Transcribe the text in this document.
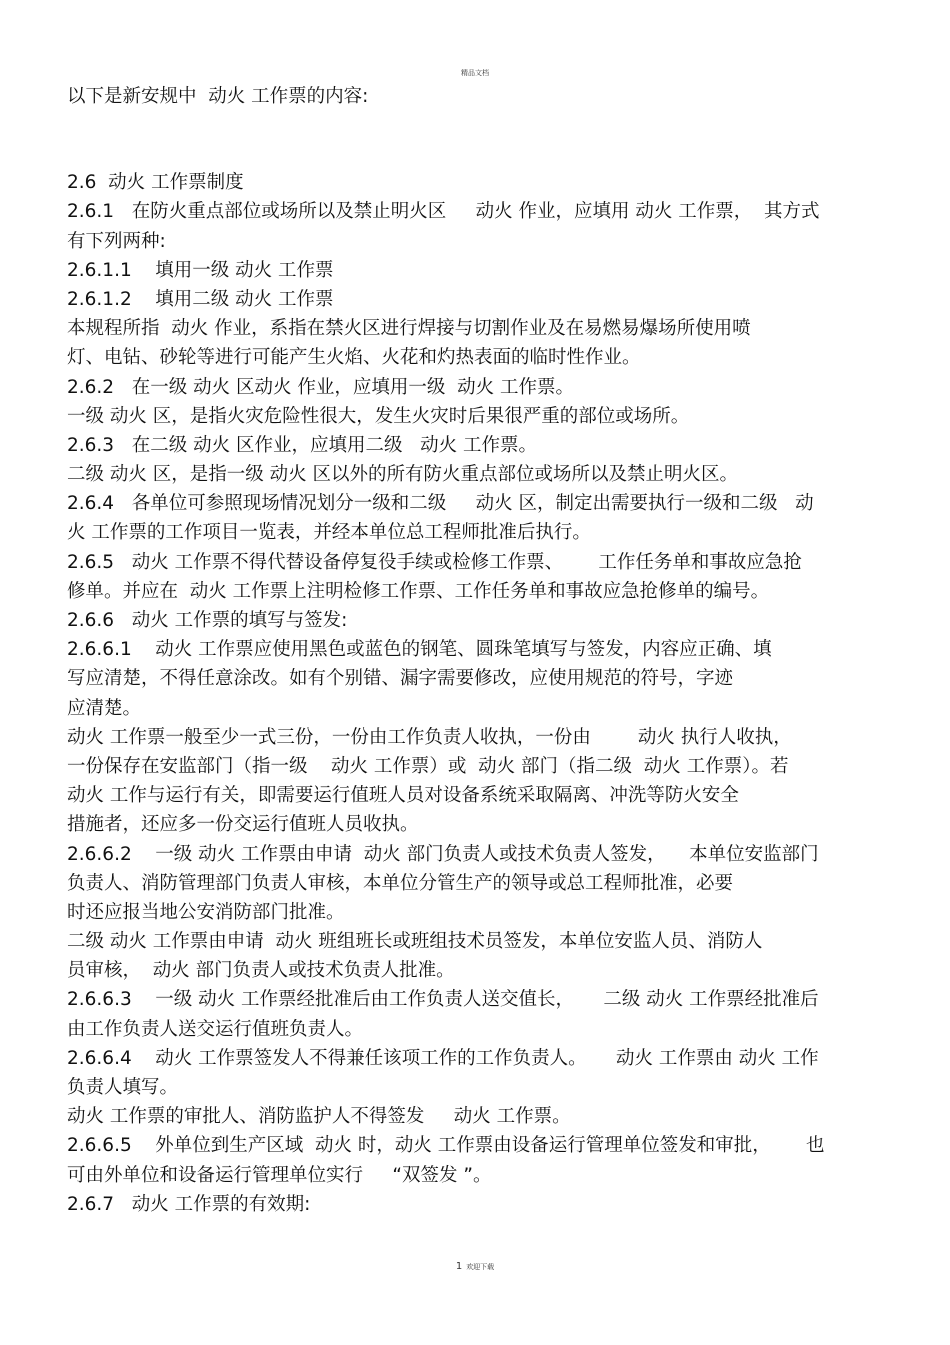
精品文档
以下是新安规中  动火 工作票的内容:
2.6  动火 工作票制度
2.6.1   在防火重点部位或场所以及禁止明火区     动火 作业，应填用 动火 工作票，  其方式
有下列两种:
2.6.1.1    填用一级 动火 工作票
2.6.1.2    填用二级 动火 工作票
本规程所指  动火 作业，系指在禁火区进行焊接与切割作业及在易燃易爆场所使用喷
灯、电钻、砂轮等进行可能产生火焰、火花和灼热表面的临时性作业。
2.6.2   在一级 动火 区动火 作业，应填用一级  动火 工作票。
一级 动火 区，是指火灾危险性很大，发生火灾时后果很严重的部位或场所。
2.6.3   在二级 动火 区作业，应填用二级   动火 工作票。
二级 动火 区，是指一级 动火 区以外的所有防火重点部位或场所以及禁止明火区。
2.6.4   各单位可参照现场情况划分一级和二级     动火 区，制定出需要执行一级和二级   动
火 工作票的工作项目一览表，并经本单位总工程师批准后执行。
2.6.5   动火 工作票不得代替设备停复役手续或检修工作票、      工作任务单和事故应急抢
修单。并应在  动火 工作票上注明检修工作票、工作任务单和事故应急抢修单的编号。
2.6.6   动火 工作票的填写与签发:
2.6.6.1    动火 工作票应使用黑色或蓝色的钢笔、圆珠笔填写与签发，内容应正确、填
写应清楚，不得任意涂改。如有个别错、漏字需要修改，应使用规范的符号，字迹
应清楚。
动火 工作票一般至少一式三份，一份由工作负责人收执，一份由        动火 执行人收执，
一份保存在安监部门（指一级    动火 工作票）或  动火 部门（指二级  动火 工作票）。若
动火 工作与运行有关，即需要运行值班人员对设备系统采取隔离、冲洗等防火安全
措施者，还应多一份交运行值班人员收执。
2.6.6.2    一级 动火 工作票由申请  动火 部门负责人或技术负责人签发，    本单位安监部门
负责人、消防管理部门负责人审核，本单位分管生产的领导或总工程师批准，必要
时还应报当地公安消防部门批准。
二级 动火 工作票由申请  动火 班组班长或班组技术员签发，本单位安监人员、消防人
员审核，  动火 部门负责人或技术负责人批准。
2.6.6.3    一级 动火 工作票经批准后由工作负责人送交值长，     二级 动火 工作票经批准后
由工作负责人送交运行值班负责人。
2.6.6.4    动火 工作票签发人不得兼任该项工作的工作负责人。     动火 工作票由 动火 工作
负责人填写。
动火 工作票的审批人、消防监护人不得签发     动火 工作票。
2.6.6.5    外单位到生产区域  动火 时，动火 工作票由设备运行管理单位签发和审批，      也
可由外单位和设备运行管理单位实行     “双签发 ”。
2.6.7   动火 工作票的有效期:
1 欢迎下载
